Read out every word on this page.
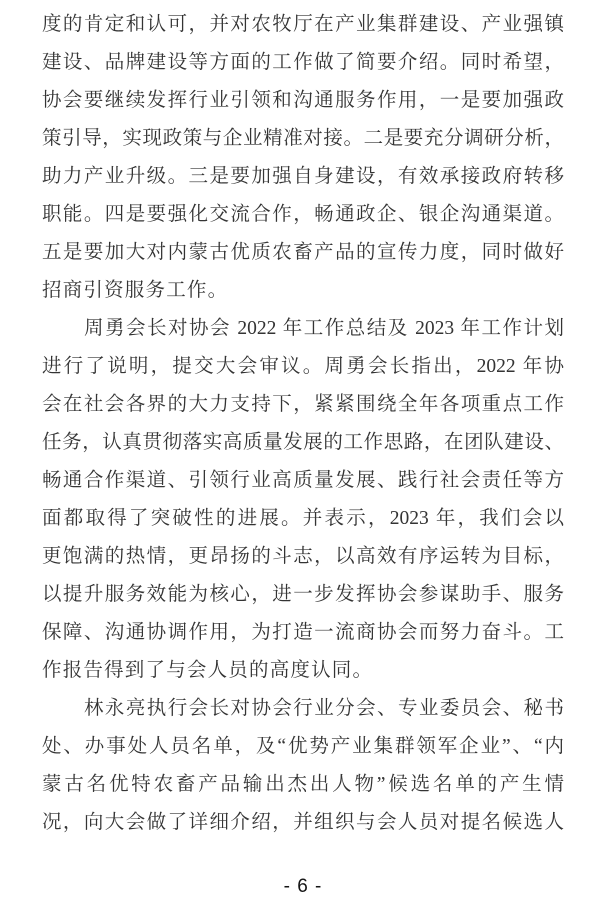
度的肯定和认可，并对农牧厅在产业集群建设、产业强镇
建设、品牌建设等方面的工作做了简要介绍。同时希望，
协会要继续发挥行业引领和沟通服务作用，一是要加强政
策引导，实现政策与企业精准对接。二是要充分调研分析，
助力产业升级。三是要加强自身建设，有效承接政府转移
职能。四是要强化交流合作，畅通政企、银企沟通渠道。
五是要加大对内蒙古优质农畜产品的宣传力度，同时做好
招商引资服务工作。
周勇会长对协会 2022 年工作总结及 2023 年工作计划
进行了说明，提交大会审议。周勇会长指出，2022 年协
会在社会各界的大力支持下，紧紧围绕全年各项重点工作
任务，认真贯彻落实高质量发展的工作思路，在团队建设、
畅通合作渠道、引领行业高质量发展、践行社会责任等方
面都取得了突破性的进展。并表示，2023 年，我们会以
更饱满的热情，更昂扬的斗志，以高效有序运转为目标，
以提升服务效能为核心，进一步发挥协会参谋助手、服务
保障、沟通协调作用，为打造一流商协会而努力奋斗。工
作报告得到了与会人员的高度认同。
林永亮执行会长对协会行业分会、专业委员会、秘书
处、办事处人员名单，及“优势产业集群领军企业”、“内
蒙古名优特农畜产品输出杰出人物”候选名单的产生情
况，向大会做了详细介绍，并组织与会人员对提名候选人
- 6 -
